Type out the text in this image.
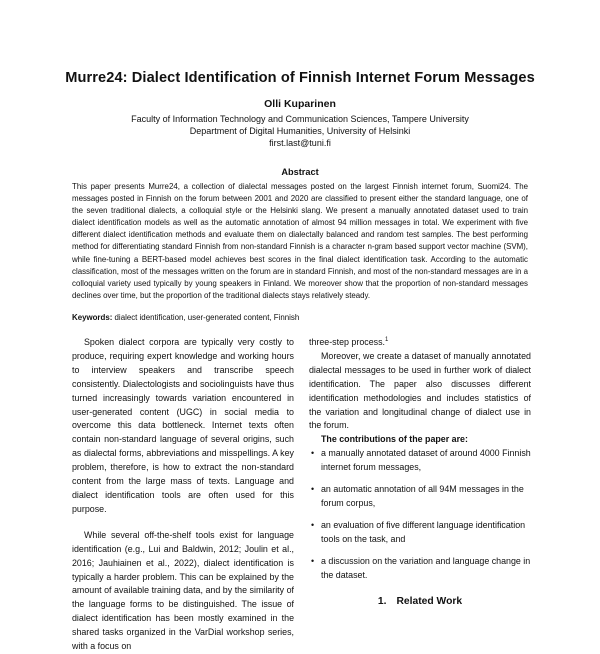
Murre24: Dialect Identification of Finnish Internet Forum Messages
Olli Kuparinen
Faculty of Information Technology and Communication Sciences, Tampere University
Department of Digital Humanities, University of Helsinki
first.last@tuni.fi
Abstract
This paper presents Murre24, a collection of dialectal messages posted on the largest Finnish internet forum, Suomi24. The messages posted in Finnish on the forum between 2001 and 2020 are classified to present either the standard language, one of the seven traditional dialects, a colloquial style or the Helsinki slang. We present a manually annotated dataset used to train dialect identification models as well as the automatic annotation of almost 94 million messages in total. We experiment with five different dialect identification methods and evaluate them on dialectally balanced and random test samples. The best performing method for differentiating standard Finnish from non-standard Finnish is a character n-gram based support vector machine (SVM), while fine-tuning a BERT-based model achieves best scores in the final dialect identification task. According to the automatic classification, most of the messages written on the forum are in standard Finnish, and most of the non-standard messages are in a colloquial variety used typically by young speakers in Finland. We moreover show that the proportion of non-standard messages declines over time, but the proportion of the traditional dialects stays relatively steady.
Keywords: dialect identification, user-generated content, Finnish

Spoken dialect corpora are typically very costly to produce, requiring expert knowledge and working hours to interview speakers and transcribe speech consistently. Dialectologists and sociolinguists have thus turned increasingly towards variation encountered in user-generated content (UGC) in social media to overcome this data bottleneck. Internet texts often contain non-standard language of several origins, such as dialectal forms, abbreviations and misspellings. A key problem, therefore, is how to extract the non-standard content from the large mass of texts. Language and dialect identification tools are often used for this purpose.

While several off-the-shelf tools exist for language identification (e.g., Lui and Baldwin, 2012; Joulin et al., 2016; Jauhiainen et al., 2022), dialect identification is typically a harder problem. This can be explained by the amount of available training data, and by the similarity of the language forms to be distinguished. The issue of dialect identification has been mostly examined in the shared tasks organized in the VarDial workshop series, with a focus on

three-step process.$^1$

Moreover, we create a dataset of manually annotated dialectal messages to be used in further work of dialect identification. The paper also discusses different identification methodologies and includes statistics of the variation and longitudinal change of dialect use in the forum.

The contributions of the paper are:

• a manually annotated dataset of around 4000 Finnish internet forum messages,
• an automatic annotation of all 94M messages in the forum corpus,
• an evaluation of five different language identification tools on the task, and
• a discussion on the variation and language change in the dataset.
1. Related Work
